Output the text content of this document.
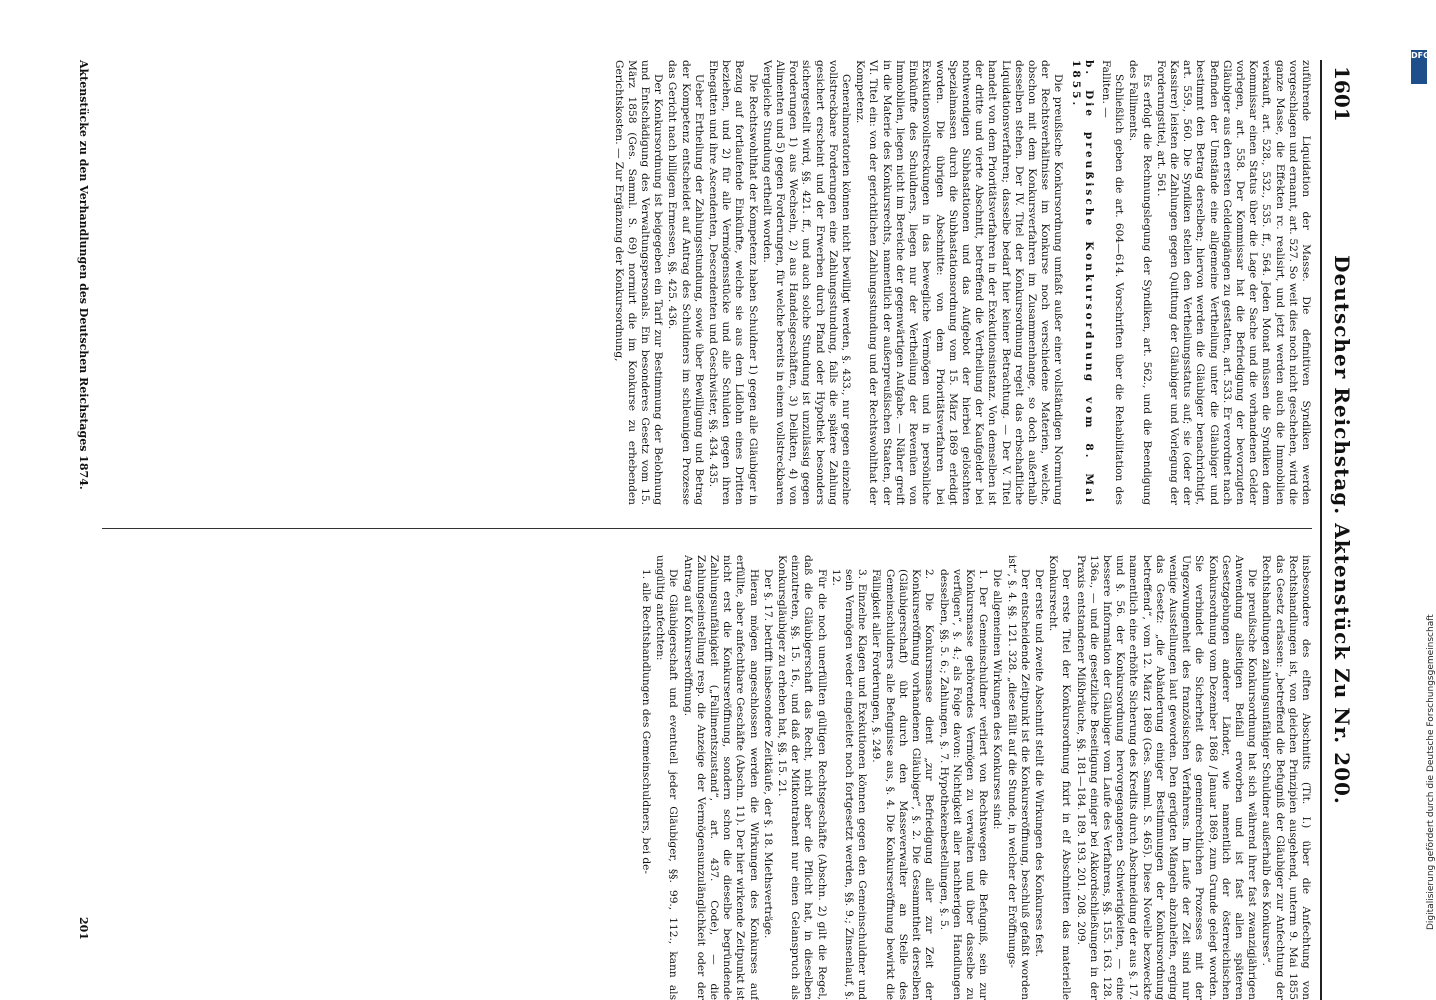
1601
Deutscher Reichstag. Aktenstück Zu Nr. 200.

zuführende Liquidation der Masse. Die definitiven Syndiken werden vorgeschlagen und ernannt, art. 527. So weit dies noch nicht geschehen, wird die ganze Masse, die Effekten rc. realisirt, und jetzt werden auch die Immobilien verkauft, art. 528., 532., 535. ff., 564. Jeden Monat müssen die Syndiken dem Kommissar einen Status über die Lage der Sache und die vorhandenen Gelder vorlegen, art. 558. Der Kommissar hat die Befriedigung der bevorzugten Gläubiger aus den ersten Geldeingängen zu gestatten, art. 533. Er verordnet nach Befinden der Umstände eine allgemeine Vertheilung unter die Gläubiger und bestimmt den Betrag derselben; hiervon werden die Gläubiger benachrichtigt, art. 559., 560. Die Syndiken stellen den Vertheilungsstatus auf; sie (oder der Kassirer) leisten die Zahlungen gegen Quittung der Gläubiger und Vorlegung der Forderungstitel, art. 561.

Es erfolgt die Rechnungslegung der Syndiken, art. 562., und die Beendigung des Falliments.

Schließlich geben die art. 604—614. Vorschriften über die Rehabilitation des Falliten. —

b. Die preußische Konkursordnung vom 8. Mai 1855.

Die preußische Konkursordnung umfaßt außer einer vollständigen Normirung der Rechtsverhältnisse im Konkurse noch verschiedene Materien, welche, obschon mit dem Konkursverfahren im Zusammenhange, so doch außerhalb desselben stehen. Der IV. Titel der Konkursordnung regelt das erbschaftliche Liquidationsverfahren; dasselbe bedarf hier keiner Betrachtung. — Der V. Titel handelt von dem Prioritätsverfahren in der Exekutionsinstanz. Von demselben ist der dritte und vierte Abschnitt, betreffend die Vertheilung der Kaufgelder bei nothwendigen Subhastationen und das Aufgebot der hierbei gelöschten Spezialmassen durch die Subhastationsordnung vom 15. März 1869 erledigt worden. Die übrigen Abschnitte: von dem Prioritätsverfahren bei Exekutionsvollstreckungen in das bewegliche Vermögen und in persönliche Einkünfte des Schuldners, liegen nur der Vertheilung der Revenüen von Immobilien, liegen nicht im Bereiche der gegenwärtigen Aufgabe. — Näher greift in die Materie des Konkursrechts, namentlich der außerpreußischen Staaten, der VI. Titel ein: von der gerichtlichen Zahlungsstundung und der Rechtswohlthat der Kompetenz.

Generalmoratorien können nicht bewilligt werden, §. 433., nur gegen einzelne vollstreckbare Forderungen eine Zahlungsstundung, falls die spätere Zahlung gesichert erscheint und der Erwerben durch Pfand oder Hypothek besonders sichergestellt wird, §§. 421. ff., und auch solche Stundung ist unzulässig gegen Forderungen 1) aus Wechseln, 2) aus Handelsgeschäften, 3) Delikten, 4) von Alimenten und 5) gegen Forderungen, für welche bereits in einem vollstreckbaren Vergleiche Stundung ertheilt worden.

Die Rechtswohlthat der Kompetenz haben Schuldner 1) gegen alle Gläubiger in Bezug auf fortlaufende Einkünfte, welche sie aus dem Lidlohn eines Dritten beziehen, und 2) für alle Vermögensstücke und alle Schulden gegen ihren Ehegatten und ihre Ascendenten, Descendenten und Geschwister, §§. 434. 435.

Ueber Ertheilung der Zahlungsstundung, sowie über Bewilligung und Betrag der Kompetenz entscheidet auf Antrag des Schuldners im schleunigen Prozesse das Gericht nach billigem Ermessen, §§. 425. 436.

Der Konkursordnung ist beigegeben ein Tarif zur Bestimmung der Belohnung und Entschädigung des Verwaltungspersonals. Ein besonderes Gesetz vom 15. März 1858 (Ges. Samml. S. 69) normirt die im Konkurse zu erhebenden Gerichtskosten. — Zur Ergänzung der Konkursordnung,

insbesondere des elften Abschnitts (Tit. I.) über die Anfechtung von Rechtshandlungen ist, von gleichen Prinzipien ausgehend, unterm 9. Mai 1855 das Gesetz erlassen: „betreffend die Befugniß der Gläubiger zur Anfechtung der Rechtshandlungen zahlungsunfähiger Schuldner außerhalb des Konkurses“.

Die preußische Konkursordnung hat sich während ihrer fast zwanzigjährigen Anwendung allseitigen Beifall erworben und ist fast allen späteren Gesetzgebungen anderer Länder, wie namentlich der österreichischen Konkursordnung vom Dezember 1868 / Januar 1869, zum Grunde gelegt worden. Sie verbindet die Sicherheit des gemeinrechtlichen Prozesses mit der Ungezwungenheit des französischen Verfahrens. Im Laufe der Zeit sind nur wenige Ausstellungen laut geworden. Den gerügten Mängeln abzuhelfen, erging das Gesetz: „die Abänderung einiger Bestimmungen der Konkursordnung betreffend“, vom 12. März 1869 (Ges. Samml. S. 465). Diese Novelle bezweckte namentlich eine erhöhte Sicherung des Kredits durch Abschneidung der aus §. 17. und §. 56. der Konkursordnung hervorgegangenen Schwierigkeiten, — eine bessere Information der Gläubiger vom Laufe des Verfahrens, §§. 155. 163. 128. 136a., — und die gesetzliche Beseitigung einiger bei Akkordschließungen in der Praxis entstandener Mißbräuche, §§. 181—184. 189. 193. 201. 208. 209.

Der erste Titel der Konkursordnung fixirt in elf Abschnitten das materielle Konkursrecht.

Der erste und zweite Abschnitt stellt die Wirkungen des Konkurses fest.

Der entscheidende Zeitpunkt ist die Konkurseröffnung, beschluß gefaßt worden ist“, §. 4. §§. 121. 328. „diese fällt auf die Stunde, in welcher der Eröffnungs-

Die allgemeinen Wirkungen des Konkurses sind:

1. Der Gemeinschuldner verliert von Rechtswegen die Befugniß, sein zur Konkursmasse gehörendes Vermögen zu verwalten und über dasselbe zu verfügen“, §. 4.; als Folge davon: Nichtigkeit aller nachherigen Handlungen desselben, §§. 5. 6.; Zahlungen, §. 7. Hypothekenbestellungen, §. 5.

2. Die Konkursmasse dient „zur Befriedigung aller zur Zeit der Konkurseröffnung vorhandenen Gläubiger“, §. 2. Die Gesammtheit derselben (Gläubigerschaft) übt durch den Masseverwalter an Stelle des Gemeinschuldners alle Befugnisse aus, §. 4. Die Konkurseröffnung bewirkt die Fälligkeit aller Forderungen, §. 249.

3. Einzelne Klagen und Exekutionen können gegen den Gemeinschuldner und sein Vermögen weder eingeleitet noch fortgesetzt werden, §§. 9.; Zinsenlauf, §. 12.

Für die noch unerfüllten gültigen Rechtsgeschäfte (Abschn. 2) gilt die Regel, daß die Gläubigerschaft das Recht, nicht aber die Pflicht hat, in dieselben einzutreten, §§. 15. 16., und daß der Mitkontrahent nur einen Gelanspruch als Konkursgläubiger zu erheben hat, §§. 15. 21.

Der §. 17. betrifft insbesondere Zeitkäufe, der §. 18. Miethsverträge.

Hieran mögen angeschlossen werden die Wirkungen des Konkurses auf erfüllte, aber anfechtbare Geschäfte (Abschn. 11). Der hier wirkende Zeitpunkt ist nicht erst die Konkurseröffnung, sondern schon die dieselbe begründende Zahlungsunfähigkeit („Fallimentszustand“, art. 437. Code), — die Zahlungseinstellung resp. die Anzeige der Vermögensunzulänglichkeit oder der Antrag auf Konkurseröffnung.

Die Gläubigerschaft und eventuell jeder Gläubiger, §§. 99., 112., kann als ungültig anfechten:

1. alle Rechtshandlungen des Gemeinschuldners, bei de-

Aktenstücke zu den Verhandlungen des Deutschen Reichstages 1874.
201
DFG
Digitalisierung gefördert durch die Deutsche Forschungsgemeinschaft
